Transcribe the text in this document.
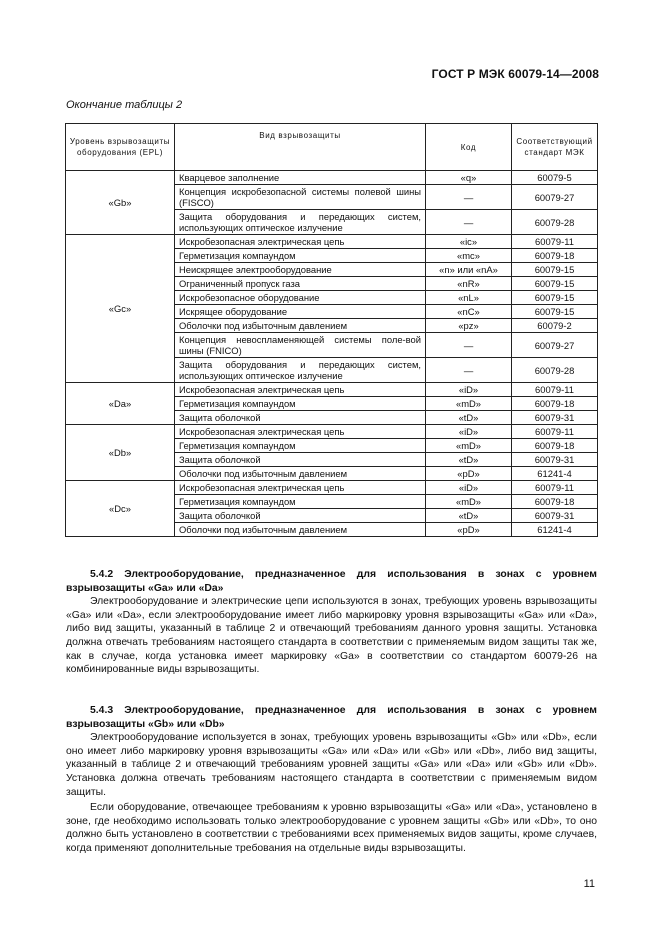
ГОСТ Р МЭК 60079-14—2008
Окончание таблицы 2
Уровень взрывозащиты оборудования (EPL)	Вид взрывозащиты	Код	Соответствующий стандарт МЭК
«Gb»	Кварцевое заполнение	«q»	60079-5
	Концепция искробезопасной системы полевой шины (FISCO)	—	60079-27
	Защита оборудования и передающих систем, использующих оптическое излучение	—	60079-28
«Gc»	Искробезопасная электрическая цепь	«ic»	60079-11
	Герметизация компаундом	«mc»	60079-18
	Неискрящее электрооборудование	«n» или «nA»	60079-15
	Ограниченный пропуск газа	«nR»	60079-15
	Искробезопасное оборудование	«nL»	60079-15
	Искрящее оборудование	«nC»	60079-15
	Оболочки под избыточным давлением	«pz»	60079-2
	Концепция невоспламеняющей системы поле-вой шины (FNICO)	—	60079-27
	Защита оборудования и передающих систем, использующих оптическое излучение	—	60079-28
«Da»	Искробезопасная электрическая цепь	«iD»	60079-11
	Герметизация компаундом	«mD»	60079-18
	Защита оболочкой	«tD»	60079-31
«Db»	Искробезопасная электрическая цепь	«iD»	60079-11
	Герметизация компаундом	«mD»	60079-18
	Защита оболочкой	«tD»	60079-31
	Оболочки под избыточным давлением	«pD»	61241-4
«Dc»	Искробезопасная электрическая цепь	«iD»	60079-11
	Герметизация компаундом	«mD»	60079-18
	Защита оболочкой	«tD»	60079-31
	Оболочки под избыточным давлением	«pD»	61241-4

5.4.2 Электрооборудование, предназначенное для использования в зонах с уровнем взрывозащиты «Ga» или «Da»

Электрооборудование и электрические цепи используются в зонах, требующих уровень взрывозащиты «Ga» или «Da», если электрооборудование имеет либо маркировку уровня взрывозащиты «Ga» или «Da», либо вид защиты, указанный в таблице 2 и отвечающий требованиям данного уровня защиты. Установка должна отвечать требованиям настоящего стандарта в соответствии с применяемым видом защиты так же, как в случае, когда установка имеет маркировку «Ga» в соответствии со стандартом 60079-26 на комбинированные виды взрывозащиты.

5.4.3 Электрооборудование, предназначенное для использования в зонах с уровнем взрывозащиты «Gb» или «Db»

Электрооборудование используется в зонах, требующих уровень взрывозащиты «Gb» или «Db», если оно имеет либо маркировку уровня взрывозащиты «Ga» или «Da» или «Gb» или «Db», либо вид защиты, указанный в таблице 2 и отвечающий требованиям уровней защиты «Ga» или «Da» или «Gb» или «Db». Установка должна отвечать требованиям настоящего стандарта в соответствии с применяемым видом защиты.

Если оборудование, отвечающее требованиям к уровню взрывозащиты «Ga» или «Da», установлено в зоне, где необходимо использовать только электрооборудование с уровнем защиты «Gb» или «Db», то оно должно быть установлено в соответствии с требованиями всех применяемых видов защиты, кроме случаев, когда применяют дополнительные требования на отдельные виды взрывозащиты.

11
